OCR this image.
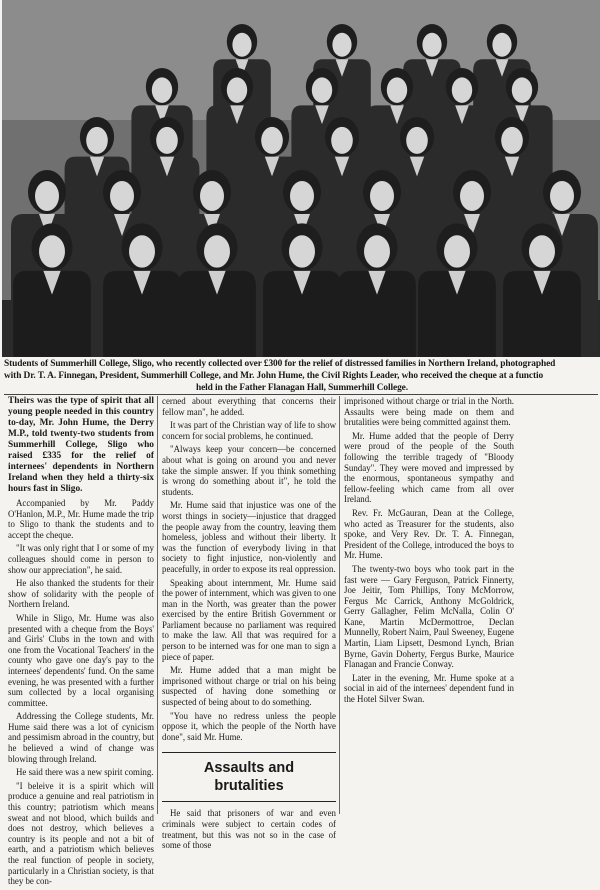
Students of Summerhill College, Sligo, who recently collected over £300 for the relief of distressed families in Northern Ireland, photographed
with Dr. T. A. Finnegan, President, Summerhill College, and Mr. John Hume, the Civil Rights Leader, who received the cheque at a functio
held in the Father Flanagan Hall, Summerhill College.

Theirs was the type of spirit that all young people needed in this country to-day, Mr. John Hume, the Derry M.P., told twenty-two students from Summerhill College, Sligo who raised £335 for the relief of internees' dependents in Northern Ireland when they held a thirty-six hours fast in Sligo.

Accompanied by Mr. Paddy O'Hanlon, M.P., Mr. Hume made the trip to Sligo to thank the students and to accept the cheque.

"It was only right that I or some of my colleagues should come in person to show our appreciation", he said.

He also thanked the students for their show of solidarity with the people of Northern Ireland.

While in Sligo, Mr. Hume was also presented with a cheque from the Boys' and Girls' Clubs in the town and with one from the Vocational Teachers' in the county who gave one day's pay to the internees' dependents' fund. On the same evening, he was presented with a further sum collected by a local organising committee.

Addressing the College students, Mr. Hume said there was a lot of cynicism and pessimism abroad in the country, but he believed a wind of change was blowing through Ireland.

He said there was a new spirit coming.

"I beleive it is a spirit which will produce a genuine and real patriotism in this country; patriotism which means sweat and not blood, which builds and does not destroy, which believes a country is its people and not a bit of earth, and a patriotism which believes the real function of people in society, particularly in a Christian society, is that they be con-

cerned about everything that concerns their fellow man", he added.

It was part of the Christian way of life to show concern for social problems, he continued.

"Always keep your concern—be concerned about what is going on around you and never take the simple answer. If you think something is wrong do something about it", he told the students.

Mr. Hume said that injustice was one of the worst things in society—injustice that dragged the people away from the country, leaving them homeless, jobless and without their liberty. It was the function of everybody living in that society to fight injustice, non-violently and peacefully, in order to expose its real oppression.

Speaking about internment, Mr. Hume said the power of internment, which was given to one man in the North, was greater than the power exercised by the entire British Government or Parliament because no parliament was required to make the law. All that was required for a person to be interned was for one man to sign a piece of paper.

Mr. Hume added that a man might be imprisoned without charge or trial on his being suspected of having done something or suspected of being about to do something.

"You have no redress unless the people oppose it, which the people of the North have done", said Mr. Hume.

Assaults and
brutalities

He said that prisoners of war and even criminals were subject to certain codes of treatment, but this was not so in the case of some of those

imprisoned without charge or trial in the North. Assaults were being made on them and brutalities were being committed against them.

Mr. Hume added that the people of Derry were proud of the people of the South following the terrible tragedy of "Bloody Sunday". They were moved and impressed by the enormous, spontaneous sympathy and fellow-feeling which came from all over Ireland.

Rev. Fr. McGauran, Dean at the College, who acted as Treasurer for the students, also spoke, and Very Rev. Dr. T. A. Finnegan, President of the College, introduced the boys to Mr. Hume.

The twenty-two boys who took part in the fast were — Gary Ferguson, Patrick Finnerty, Joe Jeitir, Tom Phillips, Tony McMorrow, Fergus Mc Carrick, Anthony McGoldrick, Gerry Gallagher, Felim McNalla, Colin O' Kane, Martin McDermottroe, Declan Munnelly, Robert Nairn, Paul Sweeney, Eugene Martin, Liam Lipsett, Desmond Lynch, Brian Byrne, Gavin Doherty, Fergus Burke, Maurice Flanagan and Francie Conway.

Later in the evening, Mr. Hume spoke at a social in aid of the internees' dependent fund in the Hotel Silver Swan.
